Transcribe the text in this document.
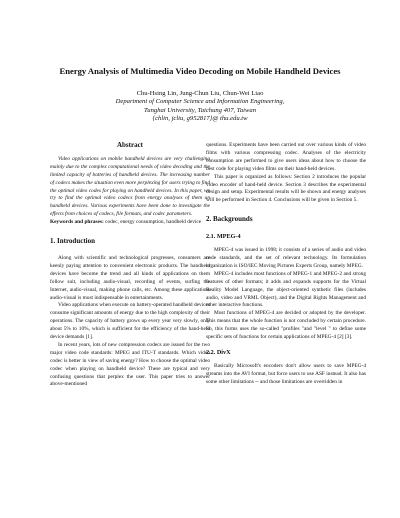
Energy Analysis of Multimedia Video Decoding on Mobile Handheld Devices
Chu-Hsing Lin, Jung-Chun Liu, Chun-Wei Liao
Department of Computer Science and Information Engineering,
Tunghai University, Taichung 407, Taiwan
{chlin, jcliu, g952817}@ thu.edu.tw
Abstract

Video applications on mobile handheld devices are very challenging mainly due to the complex computational needs of video decoding and the limited capacity of batteries of handheld devices. The increasing number of codecs makes the situation even more perplexing for users trying to find the optimal video codes for playing on handheld devices. In this paper, we try to find the optimal video codecs from energy analyses of them on handheld devices. Various experiments have been done to investigate the effects from choices of codecs, file formats, and codec parameters.

Keywords and phrases: codec, energy consumption, handheld device

1. Introduction

Along with scientific and technological progresses, consumers are keenly paying attention to convenient electronic products. The handheld devices have become the trend and all kinds of applications on them follow suit, including audio-visual, recording of events, surfing the Internet, audio-visual, making phone calls, etc. Among these applications audio-visual is most indispensable in entertainments.

Video applications when execute on battery-operated handheld devices consume significant amounts of energy due to the high complexity of their operations. The capacity of battery grows up every year very slowly, only about 5% to 10%, which is sufficient for the efficiency of the hand-held device demands [1].

In recent years, lots of new compression codecs are issued for the two major video code standards: MPEG and ITU-T standards. Which video codec is better in view of saving energy? How to choose the optimal video codec when playing on handheld device? These are typical and very confusing questions that perplex the user. This paper tries to answer above-mentioned

questions. Experiments have been carried out over various kinds of video films with various compressing codec. Analyses of the electricity consumption are performed to give users ideas about how to choose the best code for playing video films on their hand-held devices.

This paper is organized as follows: Section 2 introduces the popular video encoder of hand-held device. Section 3 describes the experimental design and setup. Experimental results will be shown and energy analyses will be performed in Section 4. Conclusions will be given in Section 5.

2. Backgrounds
2.1. MPEG-4

MPEG-4 was issued in 1998; it consists of a series of audio and video code standards, and the set of relevant technology. Its formulation organization is ISO/IEC Moving Pictures Experts Group, namely MPEG.

MPEG-4 includes most functions of MPEG-1 and MPEG-2 and strong features of other formats; it adds and expands supports for the Virtual Reality Model Language, the object-oriented synthetic files (includes audio, video and VRML Object), and the Digital Rights Management and other interactive functions.

Most functions of MPEG-4 are decided or adopted by the developer. This means that the whole function is not concluded by certain procedure. So, this forms uses the so-called "profiles "and "level " to define some specific sets of functions for certain applications of MPEG-4 [2] [3].

2.2. DivX

Basically Microsoft's encoders don't allow users to save MPEG-4 streams into the AVI format, but force users to use ASF instead. It also has some other limitations -- and those limitations are overridden in
